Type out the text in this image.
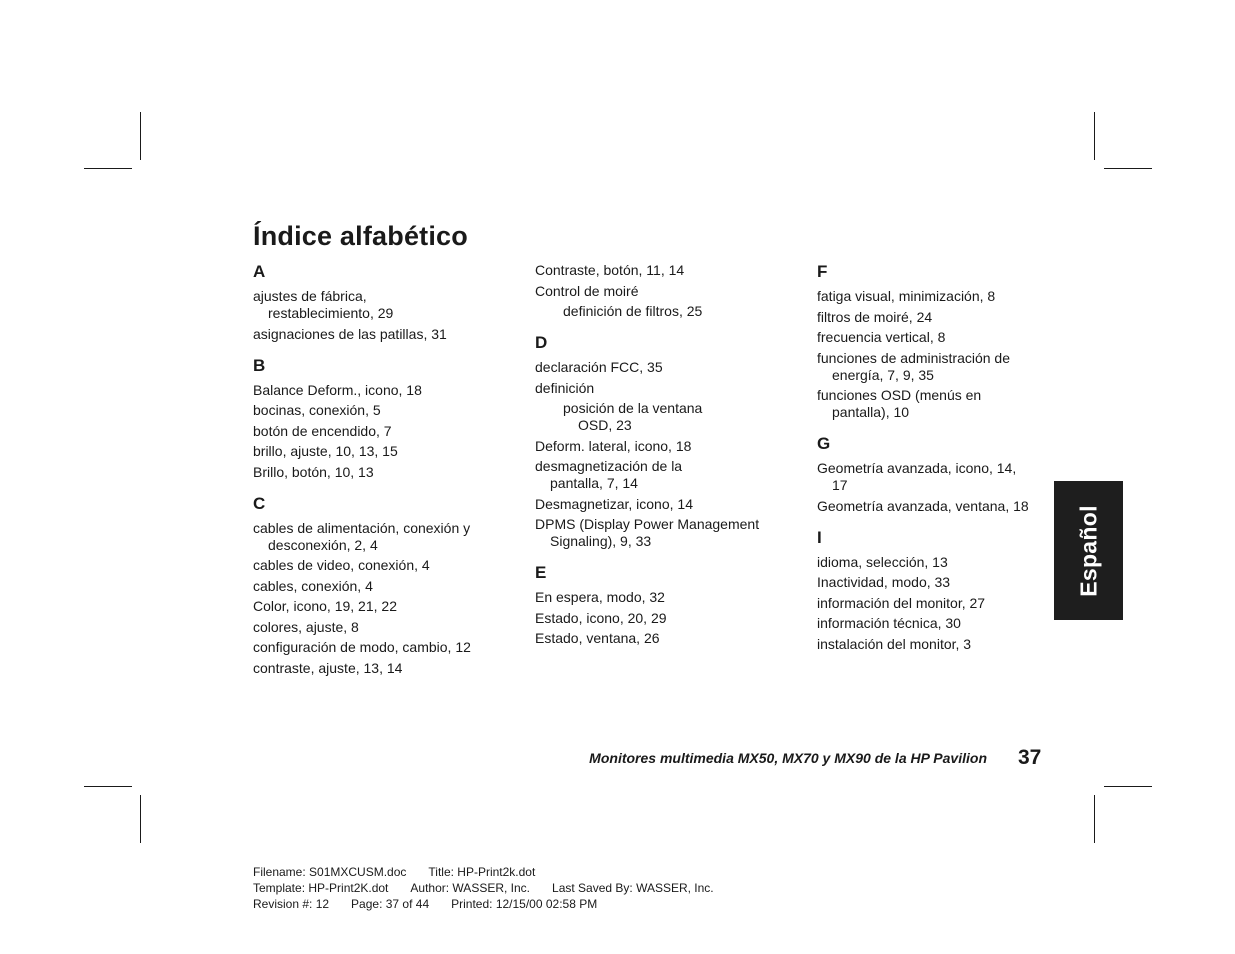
Índice alfabético
A
ajustes de fábrica,
restablecimiento, 29
asignaciones de las patillas, 31
B
Balance Deform., icono, 18
bocinas, conexión, 5
botón de encendido, 7
brillo, ajuste, 10, 13, 15
Brillo, botón, 10, 13
C
cables de alimentación, conexión y
desconexión, 2, 4
cables de video, conexión, 4
cables, conexión, 4
Color, icono, 19, 21, 22
colores, ajuste, 8
configuración de modo, cambio, 12
contraste, ajuste, 13, 14
Contraste, botón, 11, 14
Control de moiré
definición de filtros, 25
D
declaración FCC, 35
definición
posición de la ventana
OSD, 23
Deform. lateral, icono, 18
desmagnetización de la
pantalla, 7, 14
Desmagnetizar, icono, 14
DPMS (Display Power Management
Signaling), 9, 33
E
En espera, modo, 32
Estado, icono, 20, 29
Estado, ventana, 26
F
fatiga visual, minimización, 8
filtros de moiré, 24
frecuencia vertical, 8
funciones de administración de
energía, 7, 9, 35
funciones OSD (menús en
pantalla), 10
G
Geometría avanzada, icono, 14,
17
Geometría avanzada, ventana, 18
I
idioma, selección, 13
Inactividad, modo, 33
información del monitor, 27
información técnica, 30
instalación del monitor, 3
Español
Monitores multimedia MX50, MX70 y MX90 de la HP Pavilion 37
Filename: S01MXCUSM.doc Title: HP-Print2k.dot
Template: HP-Print2K.dot Author: WASSER, Inc. Last Saved By: WASSER, Inc.
Revision #: 12 Page: 37 of 44 Printed: 12/15/00 02:58 PM
